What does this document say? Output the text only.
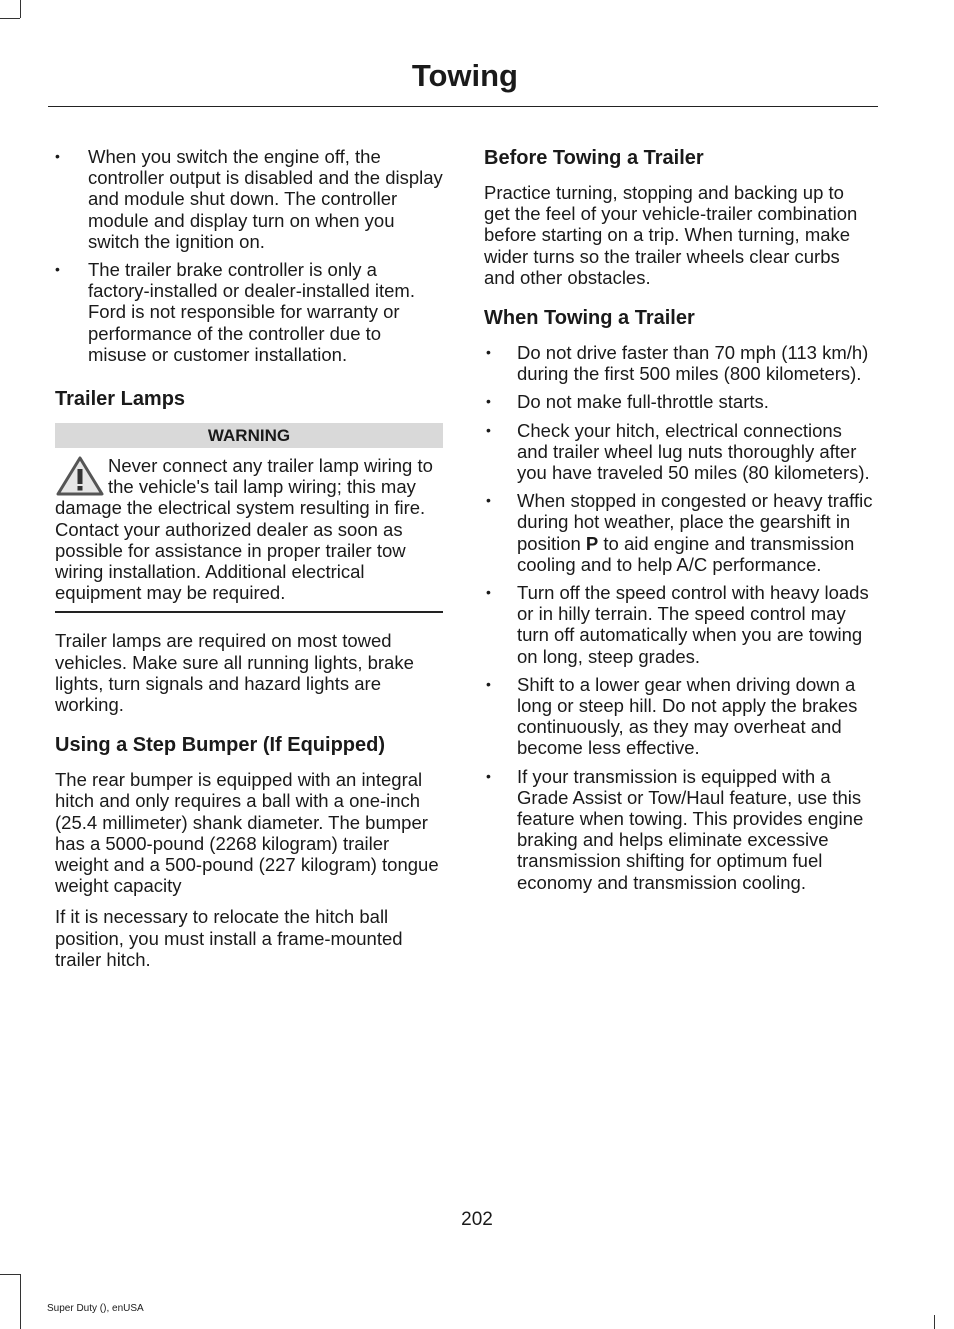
Towing
• When you switch the engine off, the controller output is disabled and the display and module shut down. The controller module and display turn on when you switch the ignition on.
• The trailer brake controller is only a factory-installed or dealer-installed item. Ford is not responsible for warranty or performance of the controller due to misuse or customer installation.
Trailer Lamps
WARNING
Never connect any trailer lamp wiring to the vehicle's tail lamp wiring; this may damage the electrical system resulting in fire. Contact your authorized dealer as soon as possible for assistance in proper trailer tow wiring installation. Additional electrical equipment may be required.

Trailer lamps are required on most towed vehicles. Make sure all running lights, brake lights, turn signals and hazard lights are working.

Using a Step Bumper (If Equipped)

The rear bumper is equipped with an integral hitch and only requires a ball with a one-inch (25.4 millimeter) shank diameter. The bumper has a 5000-pound (2268 kilogram) trailer weight and a 500-pound (227 kilogram) tongue weight capacity

If it is necessary to relocate the hitch ball position, you must install a frame-mounted trailer hitch.

Before Towing a Trailer

Practice turning, stopping and backing up to get the feel of your vehicle-trailer combination before starting on a trip. When turning, make wider turns so the trailer wheels clear curbs and other obstacles.

When Towing a Trailer
• Do not drive faster than 70 mph (113 km/h) during the first 500 miles (800 kilometers).
• Do not make full-throttle starts.
• Check your hitch, electrical connections and trailer wheel lug nuts thoroughly after you have traveled 50 miles (80 kilometers).
• When stopped in congested or heavy traffic during hot weather, place the gearshift in position P to aid engine and transmission cooling and to help A/C performance.
• Turn off the speed control with heavy loads or in hilly terrain. The speed control may turn off automatically when you are towing on long, steep grades.
• Shift to a lower gear when driving down a long or steep hill. Do not apply the brakes continuously, as they may overheat and become less effective.
• If your transmission is equipped with a Grade Assist or Tow/Haul feature, use this feature when towing. This provides engine braking and helps eliminate excessive transmission shifting for optimum fuel economy and transmission cooling.
202
Super Duty (), enUSA
